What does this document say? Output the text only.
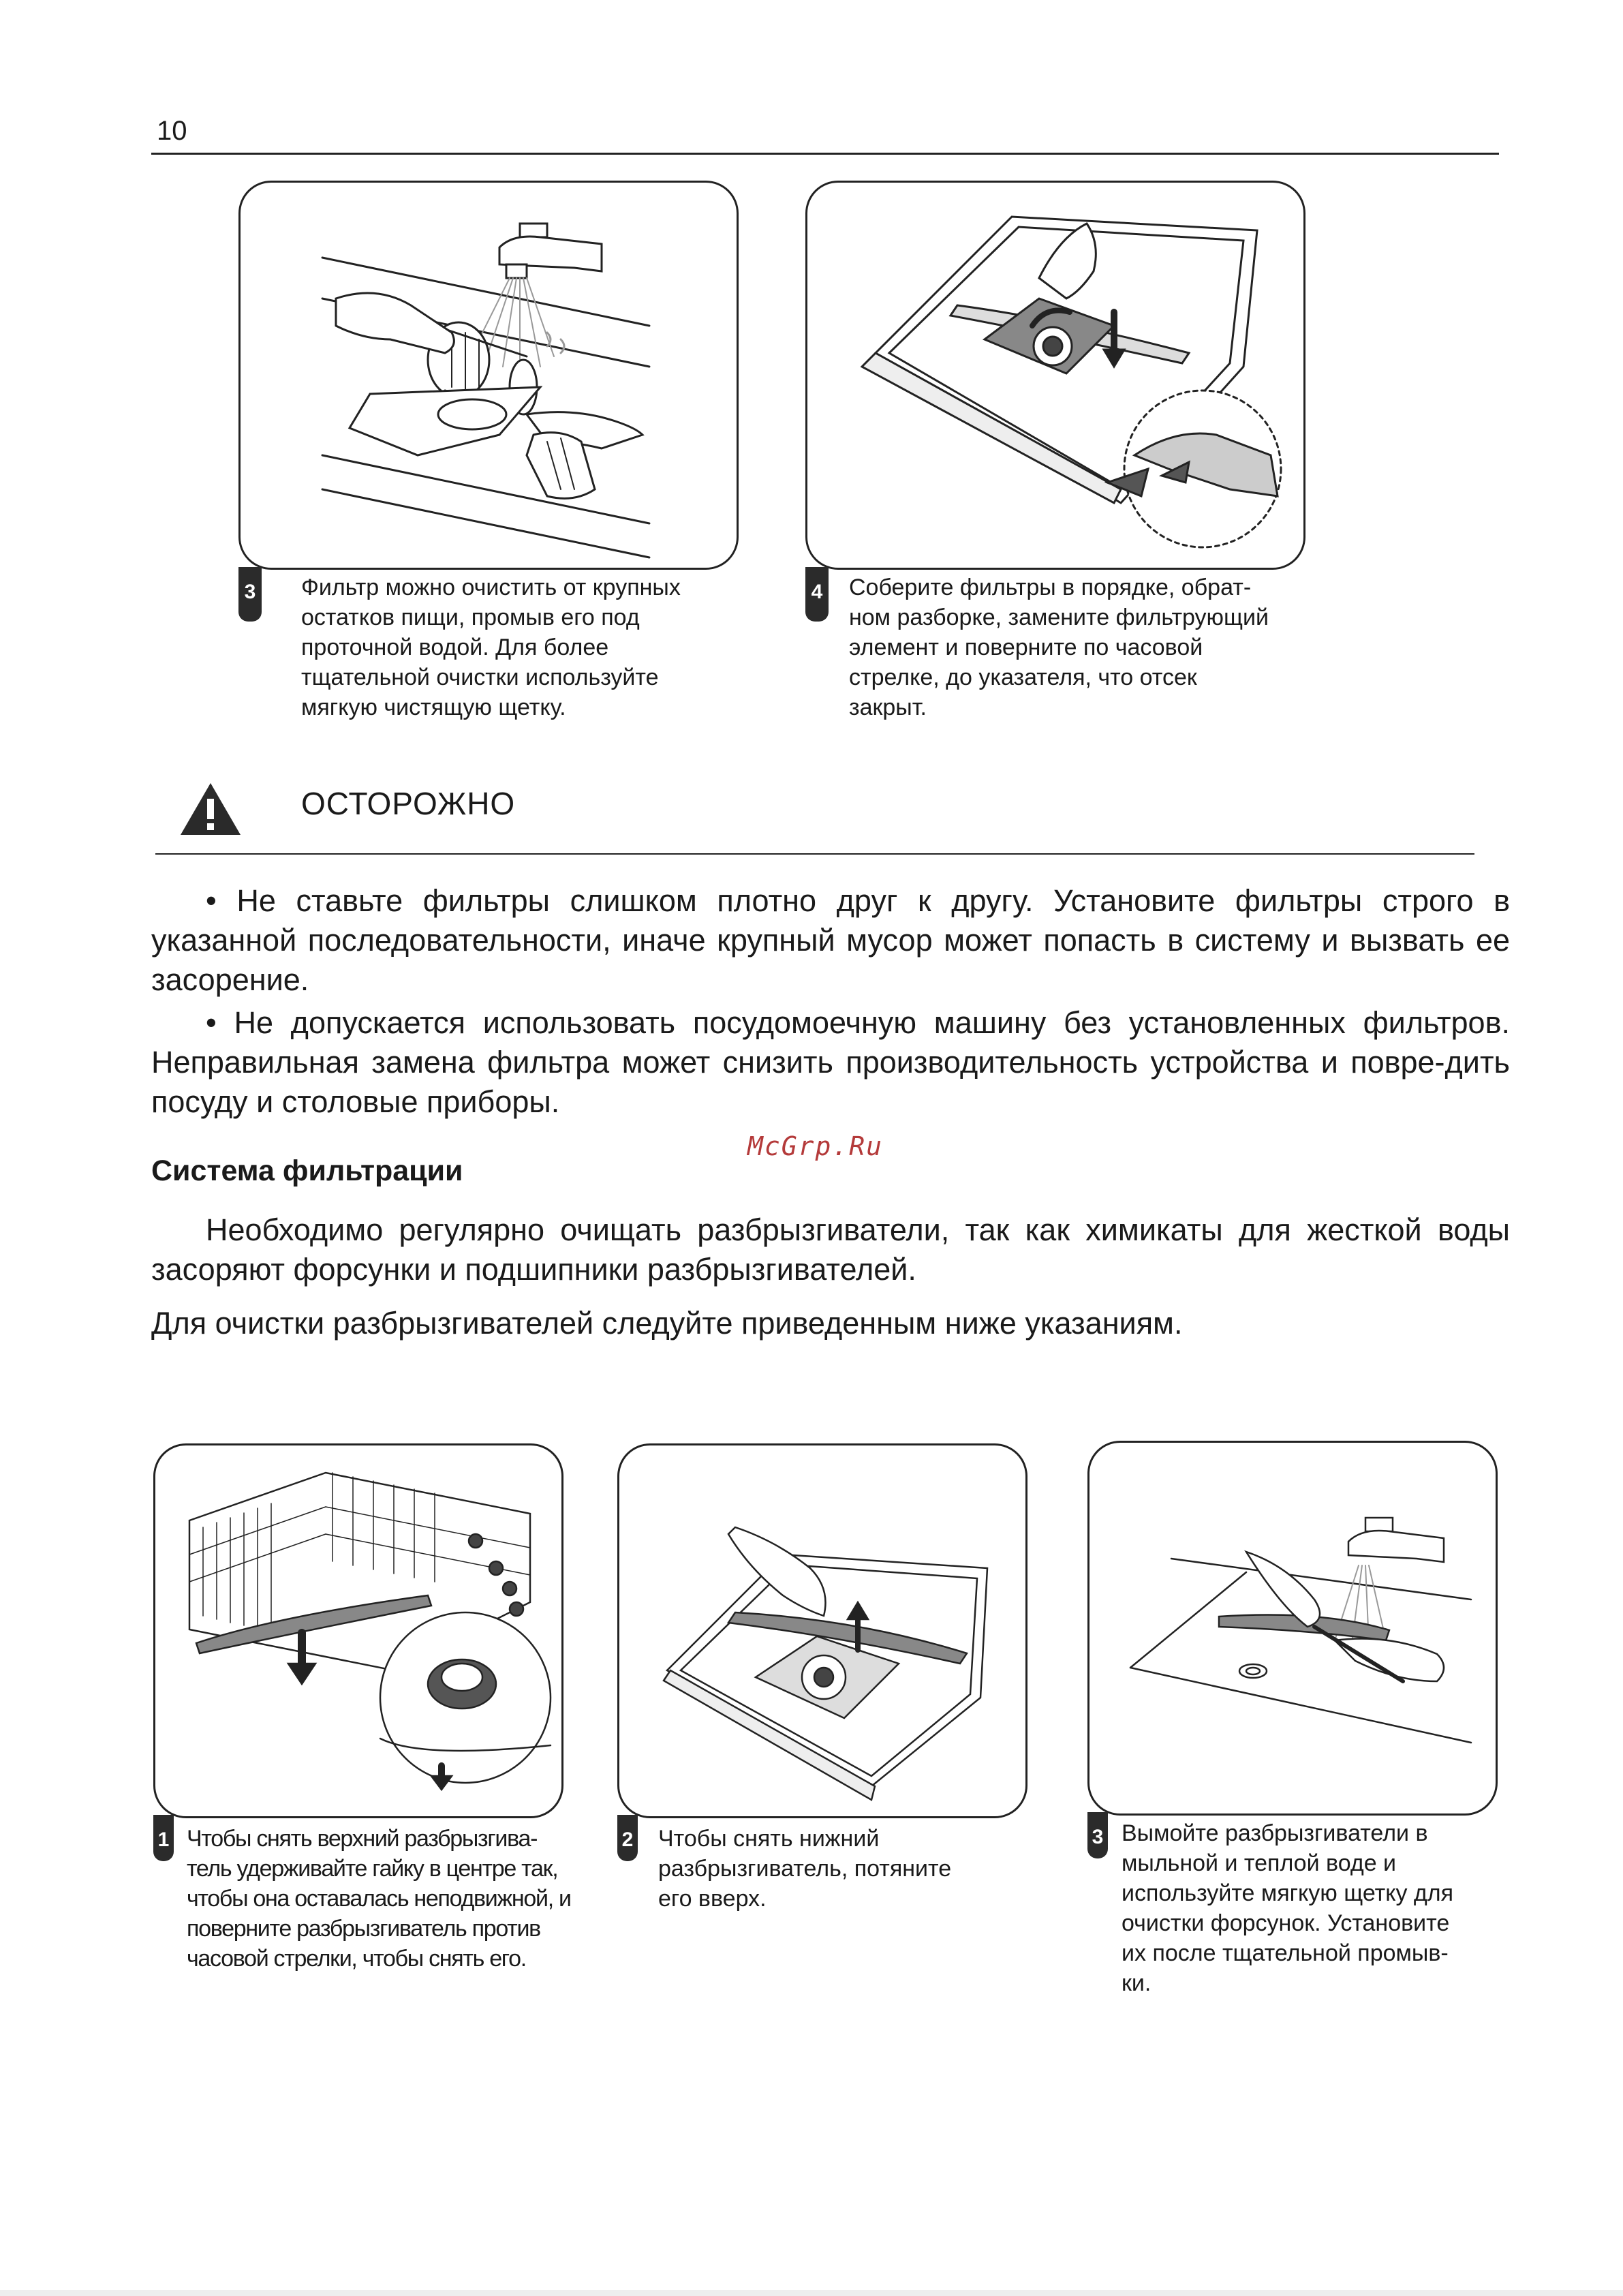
10
3 Фильтр можно очистить от крупных
остатков пищи, промыв его под
проточной водой. Для более
тщательной очистки используйте
мягкую чистящую щетку.
4 Соберите фильтры в порядке, обрат-
ном разборке, замените фильтрующий
элемент и поверните по часовой
стрелке, до указателя, что отсек
закрыт.
ОСТОРОЖНО
• Не ставьте фильтры слишком плотно друг к другу. Установите фильтры строго в указанной последовательности, иначе крупный мусор может попасть в систему и вызвать ее засорение.
• Не допускается использовать посудомоечную машину без установленных фильтров. Неправильная замена фильтра может снизить производительность устройства и повре-дить посуду и столовые приборы.
McGrp.Ru
Система фильтрации
Необходимо регулярно очищать разбрызгиватели, так как химикаты для жесткой воды засоряют форсунки и подшипники разбрызгивателей.
Для очистки разбрызгивателей следуйте приведенным ниже указаниям.
1 Чтобы снять верхний разбрызгива-
тель удерживайте гайку в центре так,
чтобы она оставалась неподвижной, и
поверните разбрызгиватель против
часовой стрелки, чтобы снять его.
2 Чтобы снять нижний
разбрызгиватель, потяните
его вверх.
3 Вымойте разбрызгиватели в
мыльной и теплой воде и
используйте мягкую щетку для
очистки форсунок. Установите
их после тщательной промыв-
ки.
